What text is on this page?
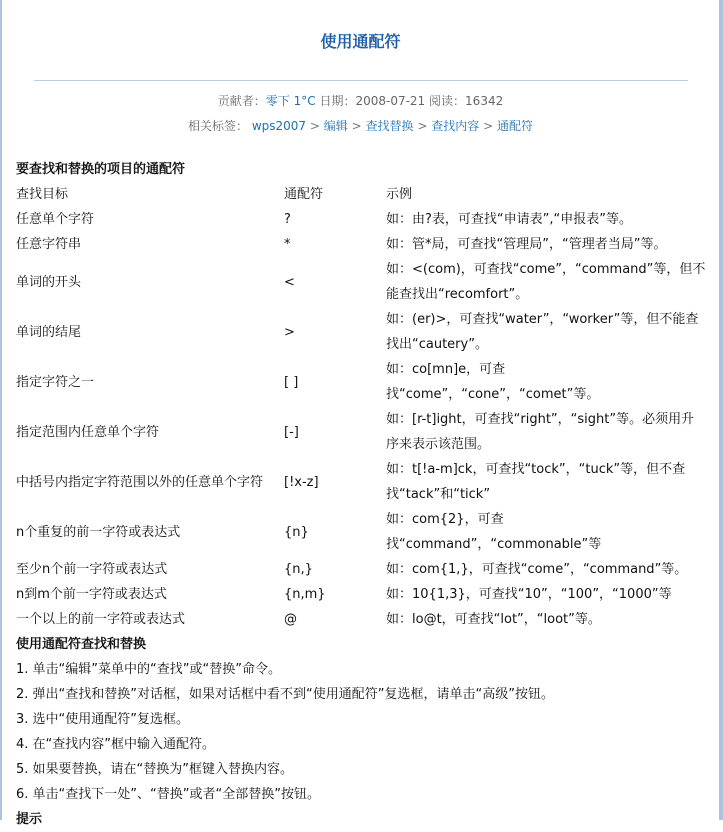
使用通配符
贡献者：零下 1°C 日期：2008-07-21 阅读：16342
相关标签： wps2007 > 编辑 > 查找替换 > 查找内容 > 通配符
要查找和替换的项目的通配符
查找目标	通配符	示例
任意单个字符	?	如：由?表，可查找“申请表”,“申报表”等。
任意字符串	*	如：管*局，可查找“管理局”，“管理者当局”等。
单词的开头	<	如：<(com)，可查找“come”，“command”等，但不能查找出“recomfort”。
单词的结尾	>	如：(er)>，可查找“water”，“worker”等，但不能查找出“cautery”。
指定字符之一	[ ]	如：co[mn]e，可查找“come”，“cone”，“comet”等。
指定范围内任意单个字符	[-]	如：[r-t]ight，可查找“right”，“sight”等。必须用升序来表示该范围。
中括号内指定字符范围以外的任意单个字符	[!x-z]	如：t[!a-m]ck，可查找“tock”，“tuck”等，但不查找“tack”和“tick”
n个重复的前一字符或表达式	{n}	如：com{2}，可查找“command”，“commonable”等
至少n个前一字符或表达式	{n,}	如：com{1,}，可查找“come”，“command”等。
n到m个前一字符或表达式	{n,m}	如：10{1,3}，可查找“10”，“100”，“1000”等
一个以上的前一字符或表达式	@	如：lo@t，可查找“lot”，“loot”等。
使用通配符查找和替换
1. 单击“编辑”菜单中的“查找”或“替换”命令。
2. 弹出“查找和替换”对话框，如果对话框中看不到“使用通配符”复选框，请单击“高级”按钮。
3. 选中“使用通配符”复选框。
4. 在“查找内容”框中输入通配符。
5. 如果要替换，请在“替换为”框键入替换内容。
6. 单击“查找下一处”、“替换”或者“全部替换”按钮。
提示
